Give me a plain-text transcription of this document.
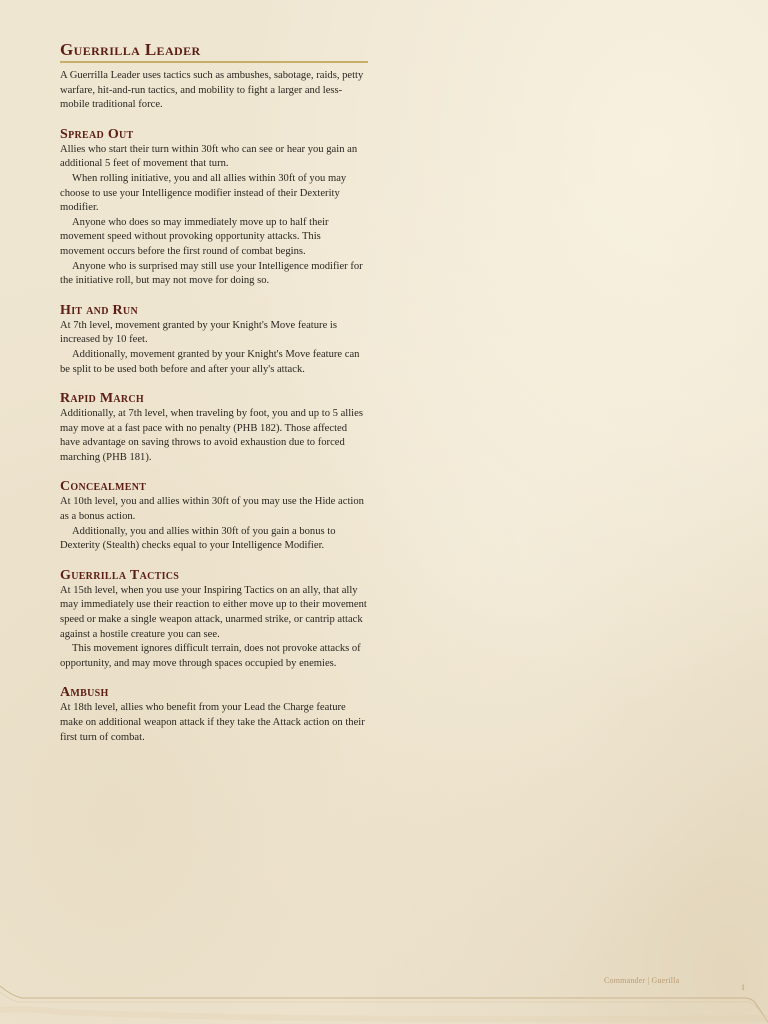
Guerrilla Leader

A Guerrilla Leader uses tactics such as ambushes, sabotage, raids, petty warfare, hit-and-run tactics, and mobility to fight a larger and less-mobile traditional force.

Spread Out

Allies who start their turn within 30ft who can see or hear you gain an additional 5 feet of movement that turn.

When rolling initiative, you and all allies within 30ft of you may choose to use your Intelligence modifier instead of their Dexterity modifier.

Anyone who does so may immediately move up to half their movement speed without provoking opportunity attacks. This movement occurs before the first round of combat begins.

Anyone who is surprised may still use your Intelligence modifier for the initiative roll, but may not move for doing so.

Hit and Run

At 7th level, movement granted by your Knight's Move feature is increased by 10 feet.

Additionally, movement granted by your Knight's Move feature can be split to be used both before and after your ally's attack.

Rapid March

Additionally, at 7th level, when traveling by foot, you and up to 5 allies may move at a fast pace with no penalty (PHB 182). Those affected have advantage on saving throws to avoid exhaustion due to forced marching (PHB 181).

Concealment

At 10th level, you and allies within 30ft of you may use the Hide action as a bonus action.

Additionally, you and allies within 30ft of you gain a bonus to Dexterity (Stealth) checks equal to your Intelligence Modifier.

Guerrilla Tactics

At 15th level, when you use your Inspiring Tactics on an ally, that ally may immediately use their reaction to either move up to their movement speed or make a single weapon attack, unarmed strike, or cantrip attack against a hostile creature you can see.

This movement ignores difficult terrain, does not provoke attacks of opportunity, and may move through spaces occupied by enemies.

Ambush

At 18th level, allies who benefit from your Lead the Charge feature make on additional weapon attack if they take the Attack action on their first turn of combat.

Commander | Guerilla
1
